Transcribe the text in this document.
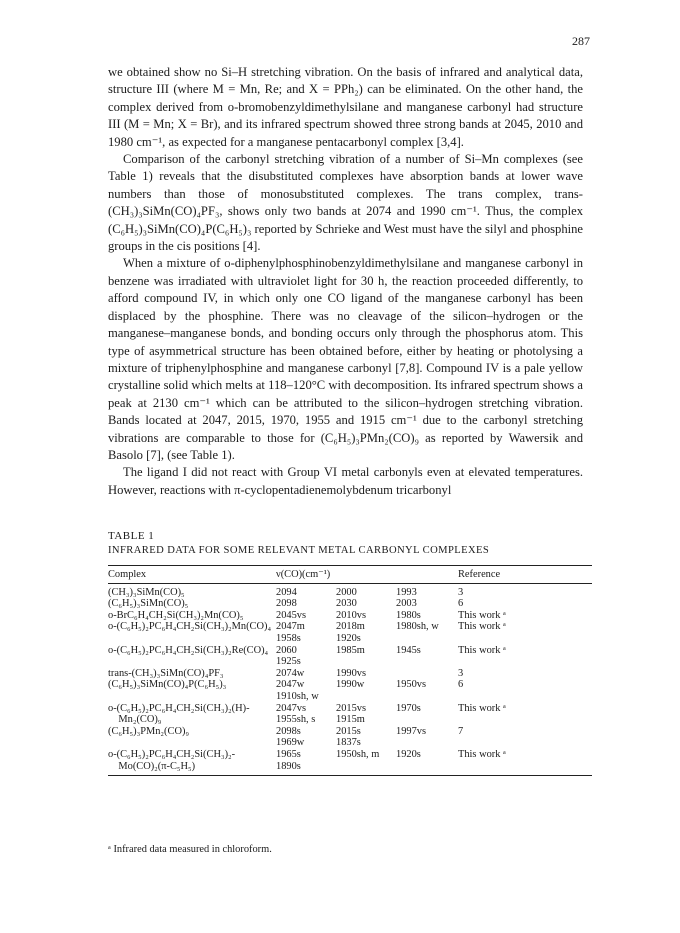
287

we obtained show no Si–H stretching vibration. On the basis of infrared and analytical data, structure III (where M = Mn, Re; and X = PPh₂) can be eliminated. On the other hand, the complex derived from o-bromobenzyldimethylsilane and manganese carbonyl had structure III (M = Mn; X = Br), and its infrared spectrum showed three strong bands at 2045, 2010 and 1980 cm⁻¹, as expected for a manganese pentacarbonyl complex [3,4].

Comparison of the carbonyl stretching vibration of a number of Si–Mn complexes (see Table 1) reveals that the disubstituted complexes have absorption bands at lower wave numbers than those of monosubstituted complexes. The trans complex, trans-(CH₃)₃SiMn(CO)₄PF₃, shows only two bands at 2074 and 1990 cm⁻¹. Thus, the complex (C₆H₅)₃SiMn(CO)₄P(C₆H₅)₃ reported by Schrieke and West must have the silyl and phosphine groups in the cis positions [4].

When a mixture of o-diphenylphosphinobenzyldimethylsilane and manganese carbonyl in benzene was irradiated with ultraviolet light for 30 h, the reaction proceeded differently, to afford compound IV, in which only one CO ligand of the manganese carbonyl has been displaced by the phosphine. There was no cleavage of the silicon–hydrogen or the manganese–manganese bonds, and bonding occurs only through the phosphorus atom. This type of asymmetrical structure has been obtained before, either by heating or photolysing a mixture of triphenylphosphine and manganese carbonyl [7,8]. Compound IV is a pale yellow crystalline solid which melts at 118–120°C with decomposition. Its infrared spectrum shows a peak at 2130 cm⁻¹ which can be attributed to the silicon–hydrogen stretching vibration. Bands located at 2047, 2015, 1970, 1955 and 1915 cm⁻¹ due to the carbonyl stretching vibrations are comparable to those for (C₆H₅)₃PMn₂(CO)₉ as reported by Wawersik and Basolo [7], (see Table 1).

The ligand I did not react with Group VI metal carbonyls even at elevated temperatures. However, reactions with π-cyclopentadienemolybdenum tricarbonyl

TABLE 1
INFRARED DATA FOR SOME RELEVANT METAL CARBONYL COMPLEXES
Complex	ν(CO)(cm⁻¹)			Reference
(CH₃)₃SiMn(CO)₅	2094	2000	1993	3
(C₆H₅)₃SiMn(CO)₅	2098	2030	2003	6
o-BrC₆H₄CH₂Si(CH₃)₂Mn(CO)₅	2045vs	2010vs	1980s	This work ᵃ
o-(C₆H₅)₂PC₆H₄CH₂Si(CH₃)₂Mn(CO)₄	2047m	2018m	1980sh, w	This work ᵃ
	1958s	1920s		
o-(C₆H₅)₂PC₆H₄CH₂Si(CH₃)₂Re(CO)₄	2060	1985m	1945s	This work ᵃ
	1925s			
trans-(CH₃)₃SiMn(CO)₄PF₃	2074w	1990vs		3
(C₆H₅)₃SiMn(CO)₄P(C₆H₅)₃	2047w	1990w	1950vs	6
	1910sh, w			
o-(C₆H₅)₂PC₆H₄CH₂Si(CH₃)₂(H)-	2047vs	2015vs	1970s	This work ᵃ
Mn₂(CO)₉	1955sh, s	1915m		
(C₆H₅)₃PMn₂(CO)₉	2098s	2015s	1997vs	7
	1969w	1837s		
o-(C₆H₅)₂PC₆H₄CH₂Si(CH₃)₂-	1965s	1950sh, m	1920s	This work ᵃ
Mo(CO)₂(π-C₅H₅)	1890s			
ᵃ Infrared data measured in chloroform.
